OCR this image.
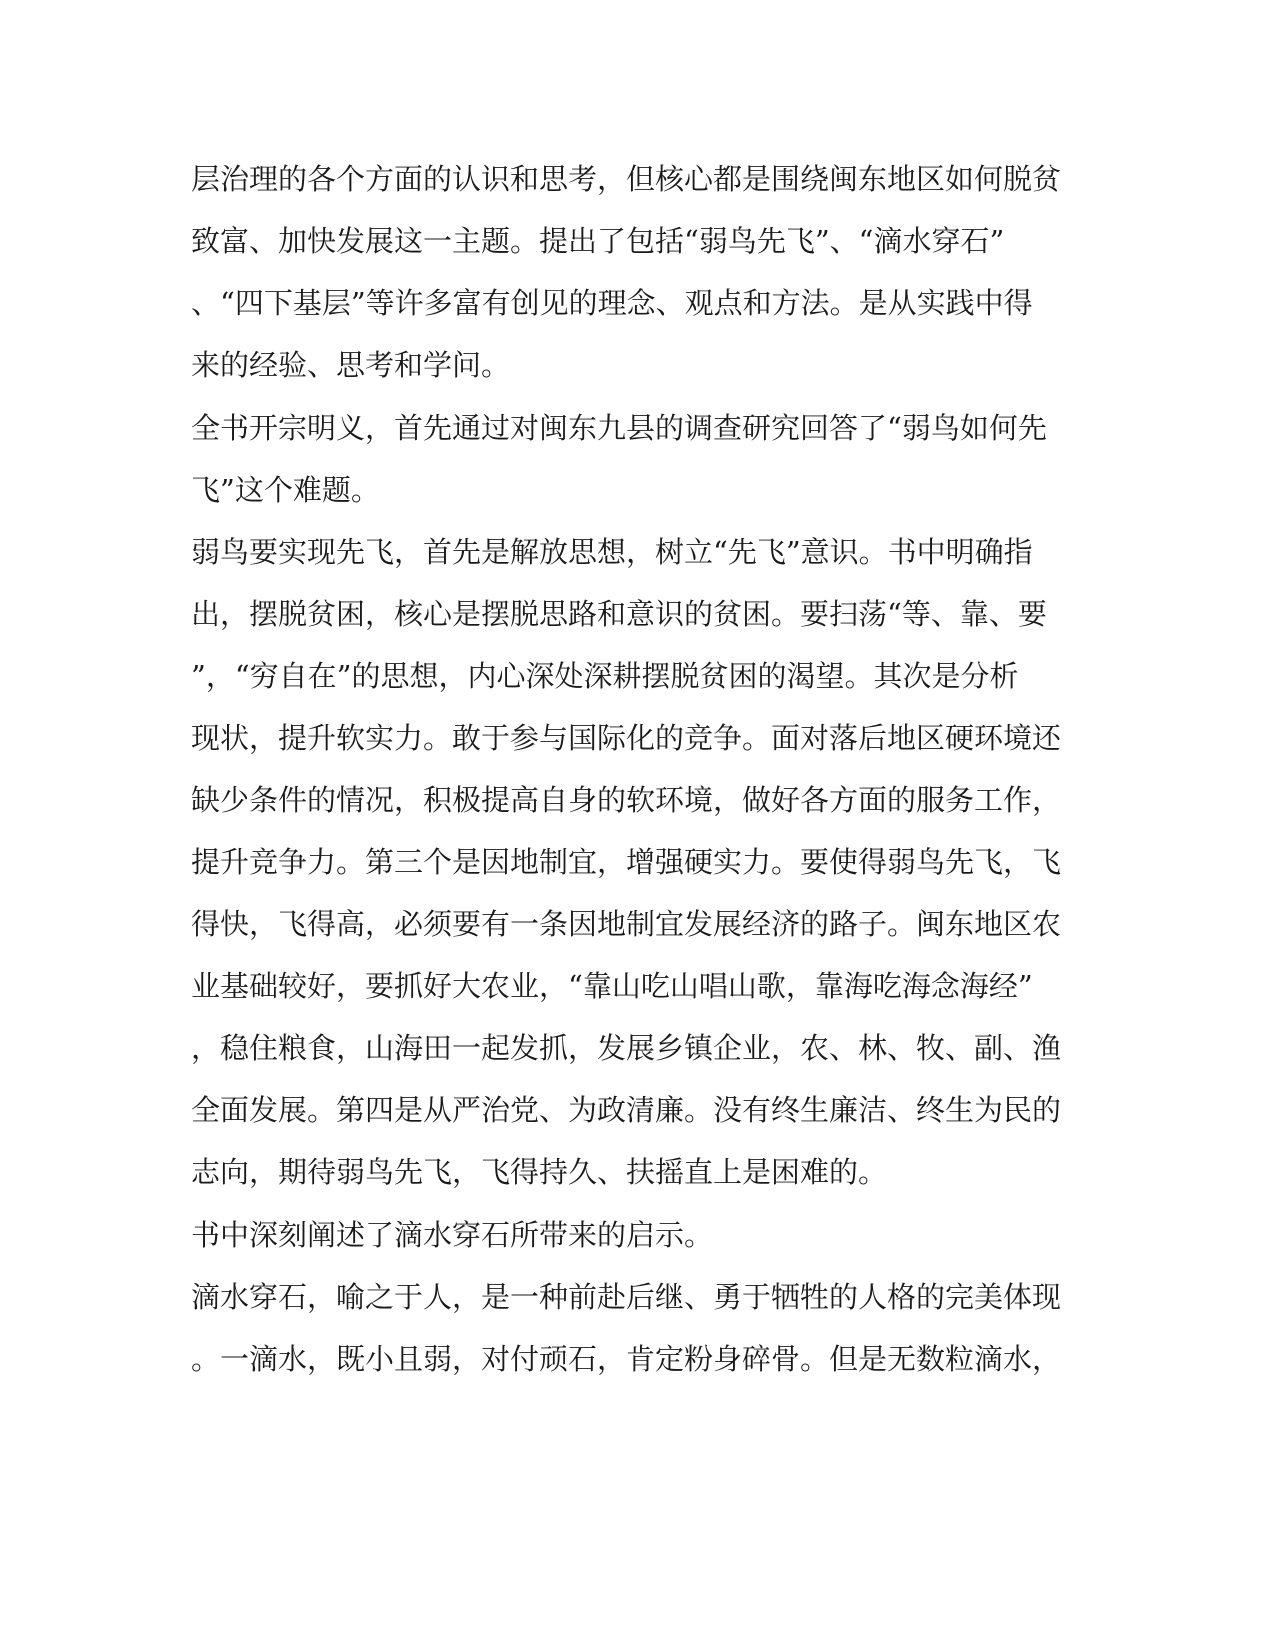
层治理的各个方面的认识和思考，但核心都是围绕闽东地区如何脱贫
致富、加快发展这一主题。提出了包括“弱鸟先飞”、“滴水穿石”
、“四下基层”等许多富有创见的理念、观点和方法。是从实践中得
来的经验、思考和学问。
全书开宗明义，首先通过对闽东九县的调查研究回答了“弱鸟如何先
飞”这个难题。
弱鸟要实现先飞，首先是解放思想，树立“先飞”意识。书中明确指
出，摆脱贫困，核心是摆脱思路和意识的贫困。要扫荡“等、靠、要
”，“穷自在”的思想，内心深处深耕摆脱贫困的渴望。其次是分析
现状，提升软实力。敢于参与国际化的竞争。面对落后地区硬环境还
缺少条件的情况，积极提高自身的软环境，做好各方面的服务工作，
提升竞争力。第三个是因地制宜，增强硬实力。要使得弱鸟先飞，飞
得快，飞得高，必须要有一条因地制宜发展经济的路子。闽东地区农
业基础较好，要抓好大农业，“靠山吃山唱山歌，靠海吃海念海经”
，稳住粮食，山海田一起发抓，发展乡镇企业，农、林、牧、副、渔
全面发展。第四是从严治党、为政清廉。没有终生廉洁、终生为民的
志向，期待弱鸟先飞，飞得持久、扶摇直上是困难的。
书中深刻阐述了滴水穿石所带来的启示。
滴水穿石，喻之于人，是一种前赴后继、勇于牺牲的人格的完美体现
。一滴水，既小且弱，对付顽石，肯定粉身碎骨。但是无数粒滴水，
